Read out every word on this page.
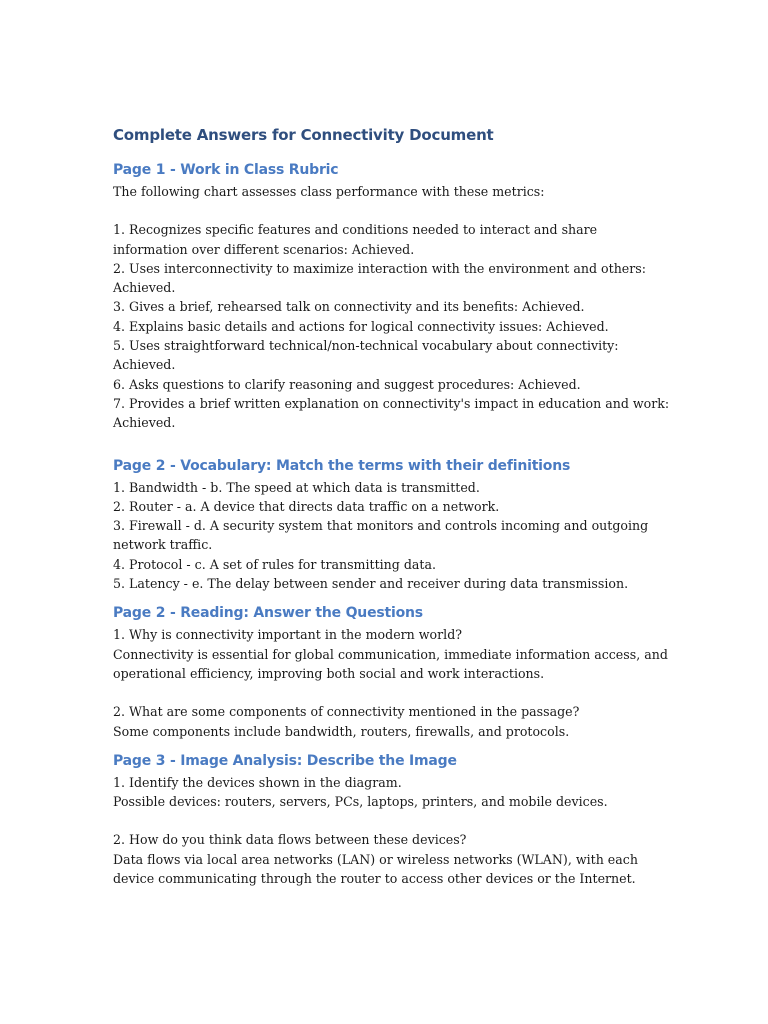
Complete Answers for Connectivity Document
Page 1 - Work in Class Rubric

The following chart assesses class performance with these metrics:

1. Recognizes specific features and conditions needed to interact and share information over different scenarios: Achieved.

2. Uses interconnectivity to maximize interaction with the environment and others: Achieved.

3. Gives a brief, rehearsed talk on connectivity and its benefits: Achieved.

4. Explains basic details and actions for logical connectivity issues: Achieved.

5. Uses straightforward technical/non-technical vocabulary about connectivity: Achieved.

6. Asks questions to clarify reasoning and suggest procedures: Achieved.

7. Provides a brief written explanation on connectivity's impact in education and work: Achieved.

Page 2 - Vocabulary: Match the terms with their definitions

1. Bandwidth - b. The speed at which data is transmitted.

2. Router - a. A device that directs data traffic on a network.

3. Firewall - d. A security system that monitors and controls incoming and outgoing network traffic.

4. Protocol - c. A set of rules for transmitting data.

5. Latency - e. The delay between sender and receiver during data transmission.

Page 2 - Reading: Answer the Questions

1. Why is connectivity important in the modern world?

Connectivity is essential for global communication, immediate information access, and operational efficiency, improving both social and work interactions.

2. What are some components of connectivity mentioned in the passage?

Some components include bandwidth, routers, firewalls, and protocols.

Page 3 - Image Analysis: Describe the Image

1. Identify the devices shown in the diagram.

Possible devices: routers, servers, PCs, laptops, printers, and mobile devices.

2. How do you think data flows between these devices?

Data flows via local area networks (LAN) or wireless networks (WLAN), with each device communicating through the router to access other devices or the Internet.
